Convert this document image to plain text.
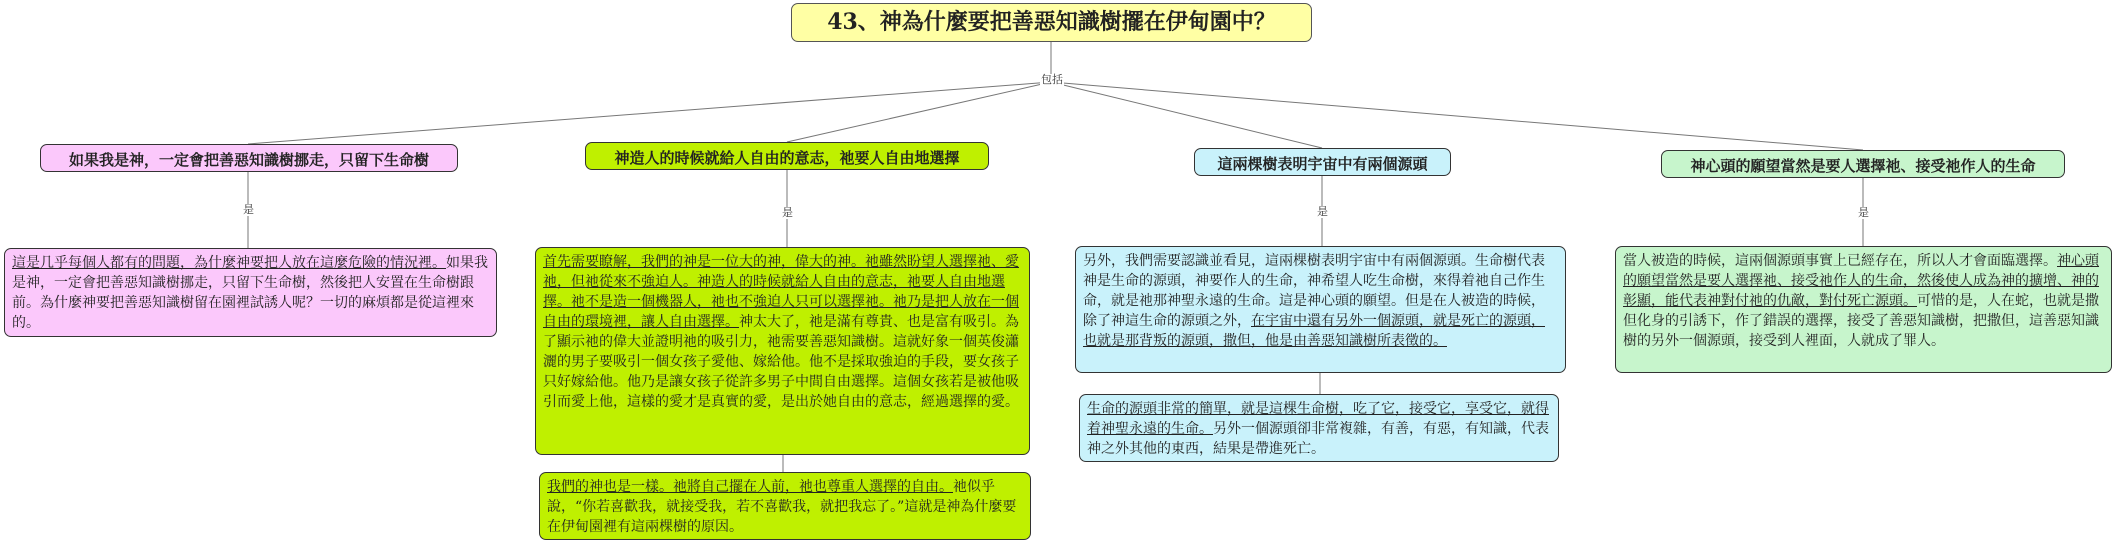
包括
是	是	是	是
43、神為什麼要把善惡知識樹擺在伊甸園中？
如果我是神，一定會把善惡知識樹挪走，只留下生命樹	神造人的時候就給人自由的意志，祂要人自由地選擇	這兩棵樹表明宇宙中有兩個源頭	神心頭的願望當然是要人選擇祂、接受祂作人的生命
這是几乎每個人都有的問題，為什麼神要把人放在這麼危險的情況裡。如果我是神，一定會把善惡知識樹挪走，只留下生命樹，然後把人安置在生命樹跟前。為什麼神要把善惡知識樹留在園裡試誘人呢？一切的麻煩都是從這裡來的。
首先需要瞭解，我們的神是一位大的神，偉大的神。祂雖然盼望人選擇祂、愛祂，但祂從來不強迫人。神造人的時候就給人自由的意志，祂要人自由地選擇。祂不是造一個機器人，祂也不強迫人只可以選擇祂。祂乃是把人放在一個自由的環境裡，讓人自由選擇。神太大了，祂是滿有尊貴、也是富有吸引。為了顯示祂的偉大並證明祂的吸引力，祂需要善惡知識樹。這就好象一個英俊瀟灑的男子要吸引一個女孩子愛他、嫁給他。他不是採取強迫的手段，要女孩子只好嫁給他。他乃是讓女孩子從許多男子中間自由選擇。這個女孩若是被他吸引而愛上他，這樣的愛才是真實的愛，是出於她自由的意志，經過選擇的愛。
我們的神也是一樣。祂將自己擺在人前，祂也尊重人選擇的自由。祂似乎說，“你若喜歡我，就接受我，若不喜歡我，就把我忘了。”這就是神為什麼要在伊甸園裡有這兩棵樹的原因。
另外，我們需要認識並看見，這兩棵樹表明宇宙中有兩個源頭。生命樹代表神是生命的源頭，神要作人的生命，神希望人吃生命樹，來得着祂自己作生命，就是祂那神聖永遠的生命。這是神心頭的願望。但是在人被造的時候，除了神這生命的源頭之外，在宇宙中還有另外一個源頭，就是死亡的源頭，也就是那背叛的源頭，撒但，他是由善惡知識樹所表徵的。
生命的源頭非常的簡單，就是這棵生命樹，吃了它，接受它，享受它，就得着神聖永遠的生命。另外一個源頭卻非常複雜，有善，有惡，有知識，代表神之外其他的東西，結果是帶進死亡。
當人被造的時候，這兩個源頭事實上已經存在，所以人才會面臨選擇。神心頭的願望當然是要人選擇祂、接受祂作人的生命，然後使人成為神的擴增、神的彰顯，能代表神對付祂的仇敵，對付死亡源頭。可惜的是，人在蛇，也就是撒但化身的引誘下，作了錯誤的選擇，接受了善惡知識樹，把撒但，這善惡知識樹的另外一個源頭，接受到人裡面，人就成了罪人。
